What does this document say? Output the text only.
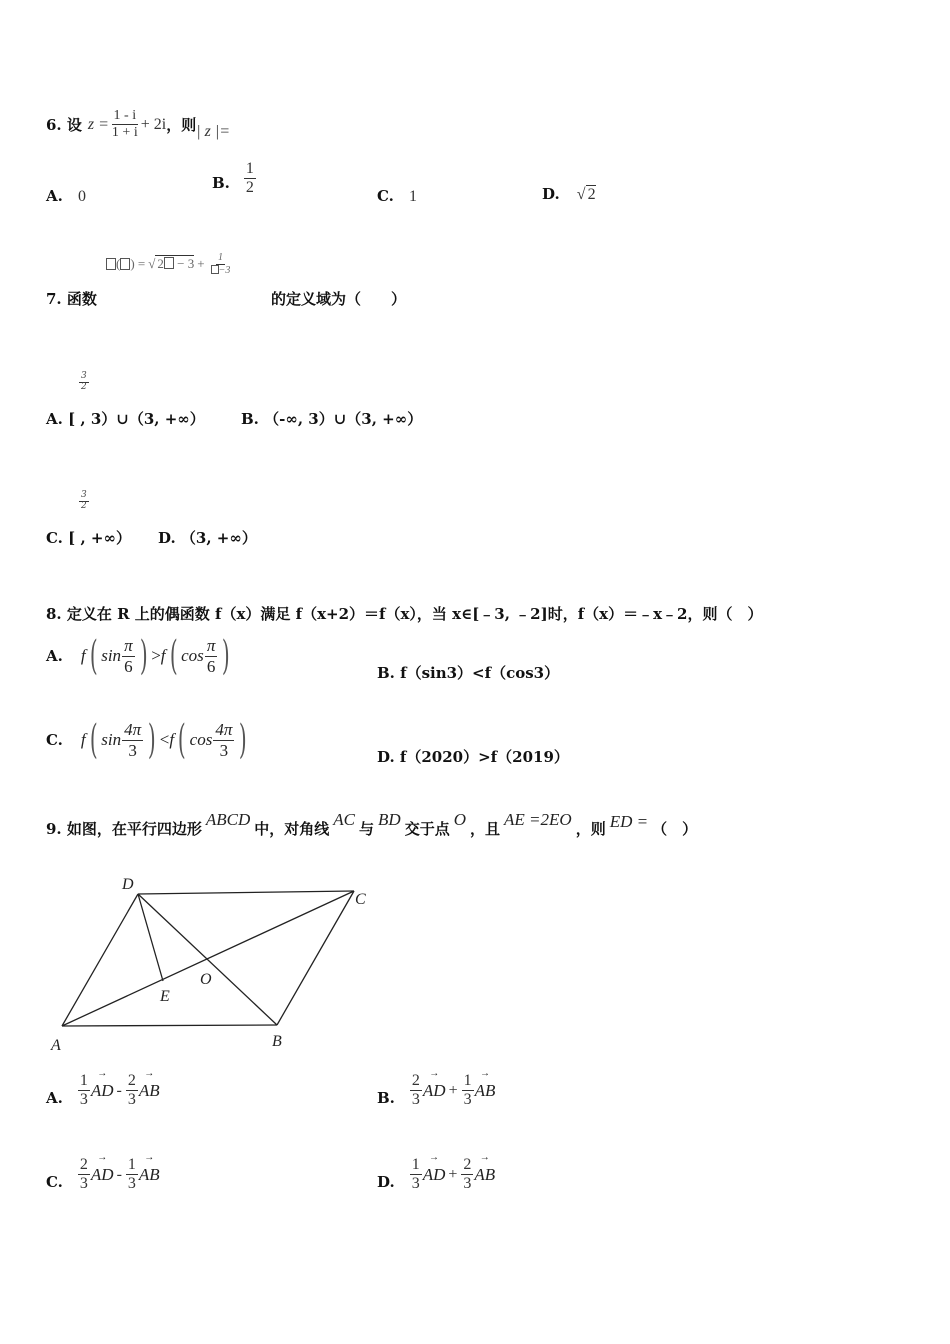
6. 设 $z = \frac{1 - i}{1 + i} + 2i$ ，则 | z |=
A. 0
B. $\frac{1}{2}$	C. 1	D. √ 2
( ) = √ $2 - 3 + \frac{1}{-3}$
7. 函数	的定义域为（　　）
$\frac{3}{2}$
A. [ , 3）∪（3, +∞） B. （-∞, 3）∪（3, +∞）
$\frac{3}{2}$
C. [ , +∞） D. （3, +∞）
8. 定义在 R 上的偶函数 f（x）满足 f（x+2）＝f（x），当 x∈[﹣3, ﹣2]时，f（x）＝﹣x﹣2，则（　）
A. f ( $\sin \frac{\pi}{6}$ ) > f ( $\cos \frac{\pi}{6}$ )	B. f（sin3）<f（cos3）
C. f ( $\sin \frac{4\pi}{3}$ ) < f ( $\cos \frac{4\pi}{3}$ )	D. f（2020）>f（2019）
9. 如图，在平行四边形 ABCD 中，对角线 AC 与 BD 交于点 O ，且 AE =2EO ，则 ED = （　）
A	B
C
D
E
O
A. $\frac{1}{3}$ → AD - $\frac{2}{3}$ → AB	B. $\frac{2}{3}$ → AD + $\frac{1}{3}$ → AB
C. $\frac{2}{3}$ → AD - $\frac{1}{3}$ → AB	D. $\frac{1}{3}$ → AD + $\frac{2}{3}$ → AB
